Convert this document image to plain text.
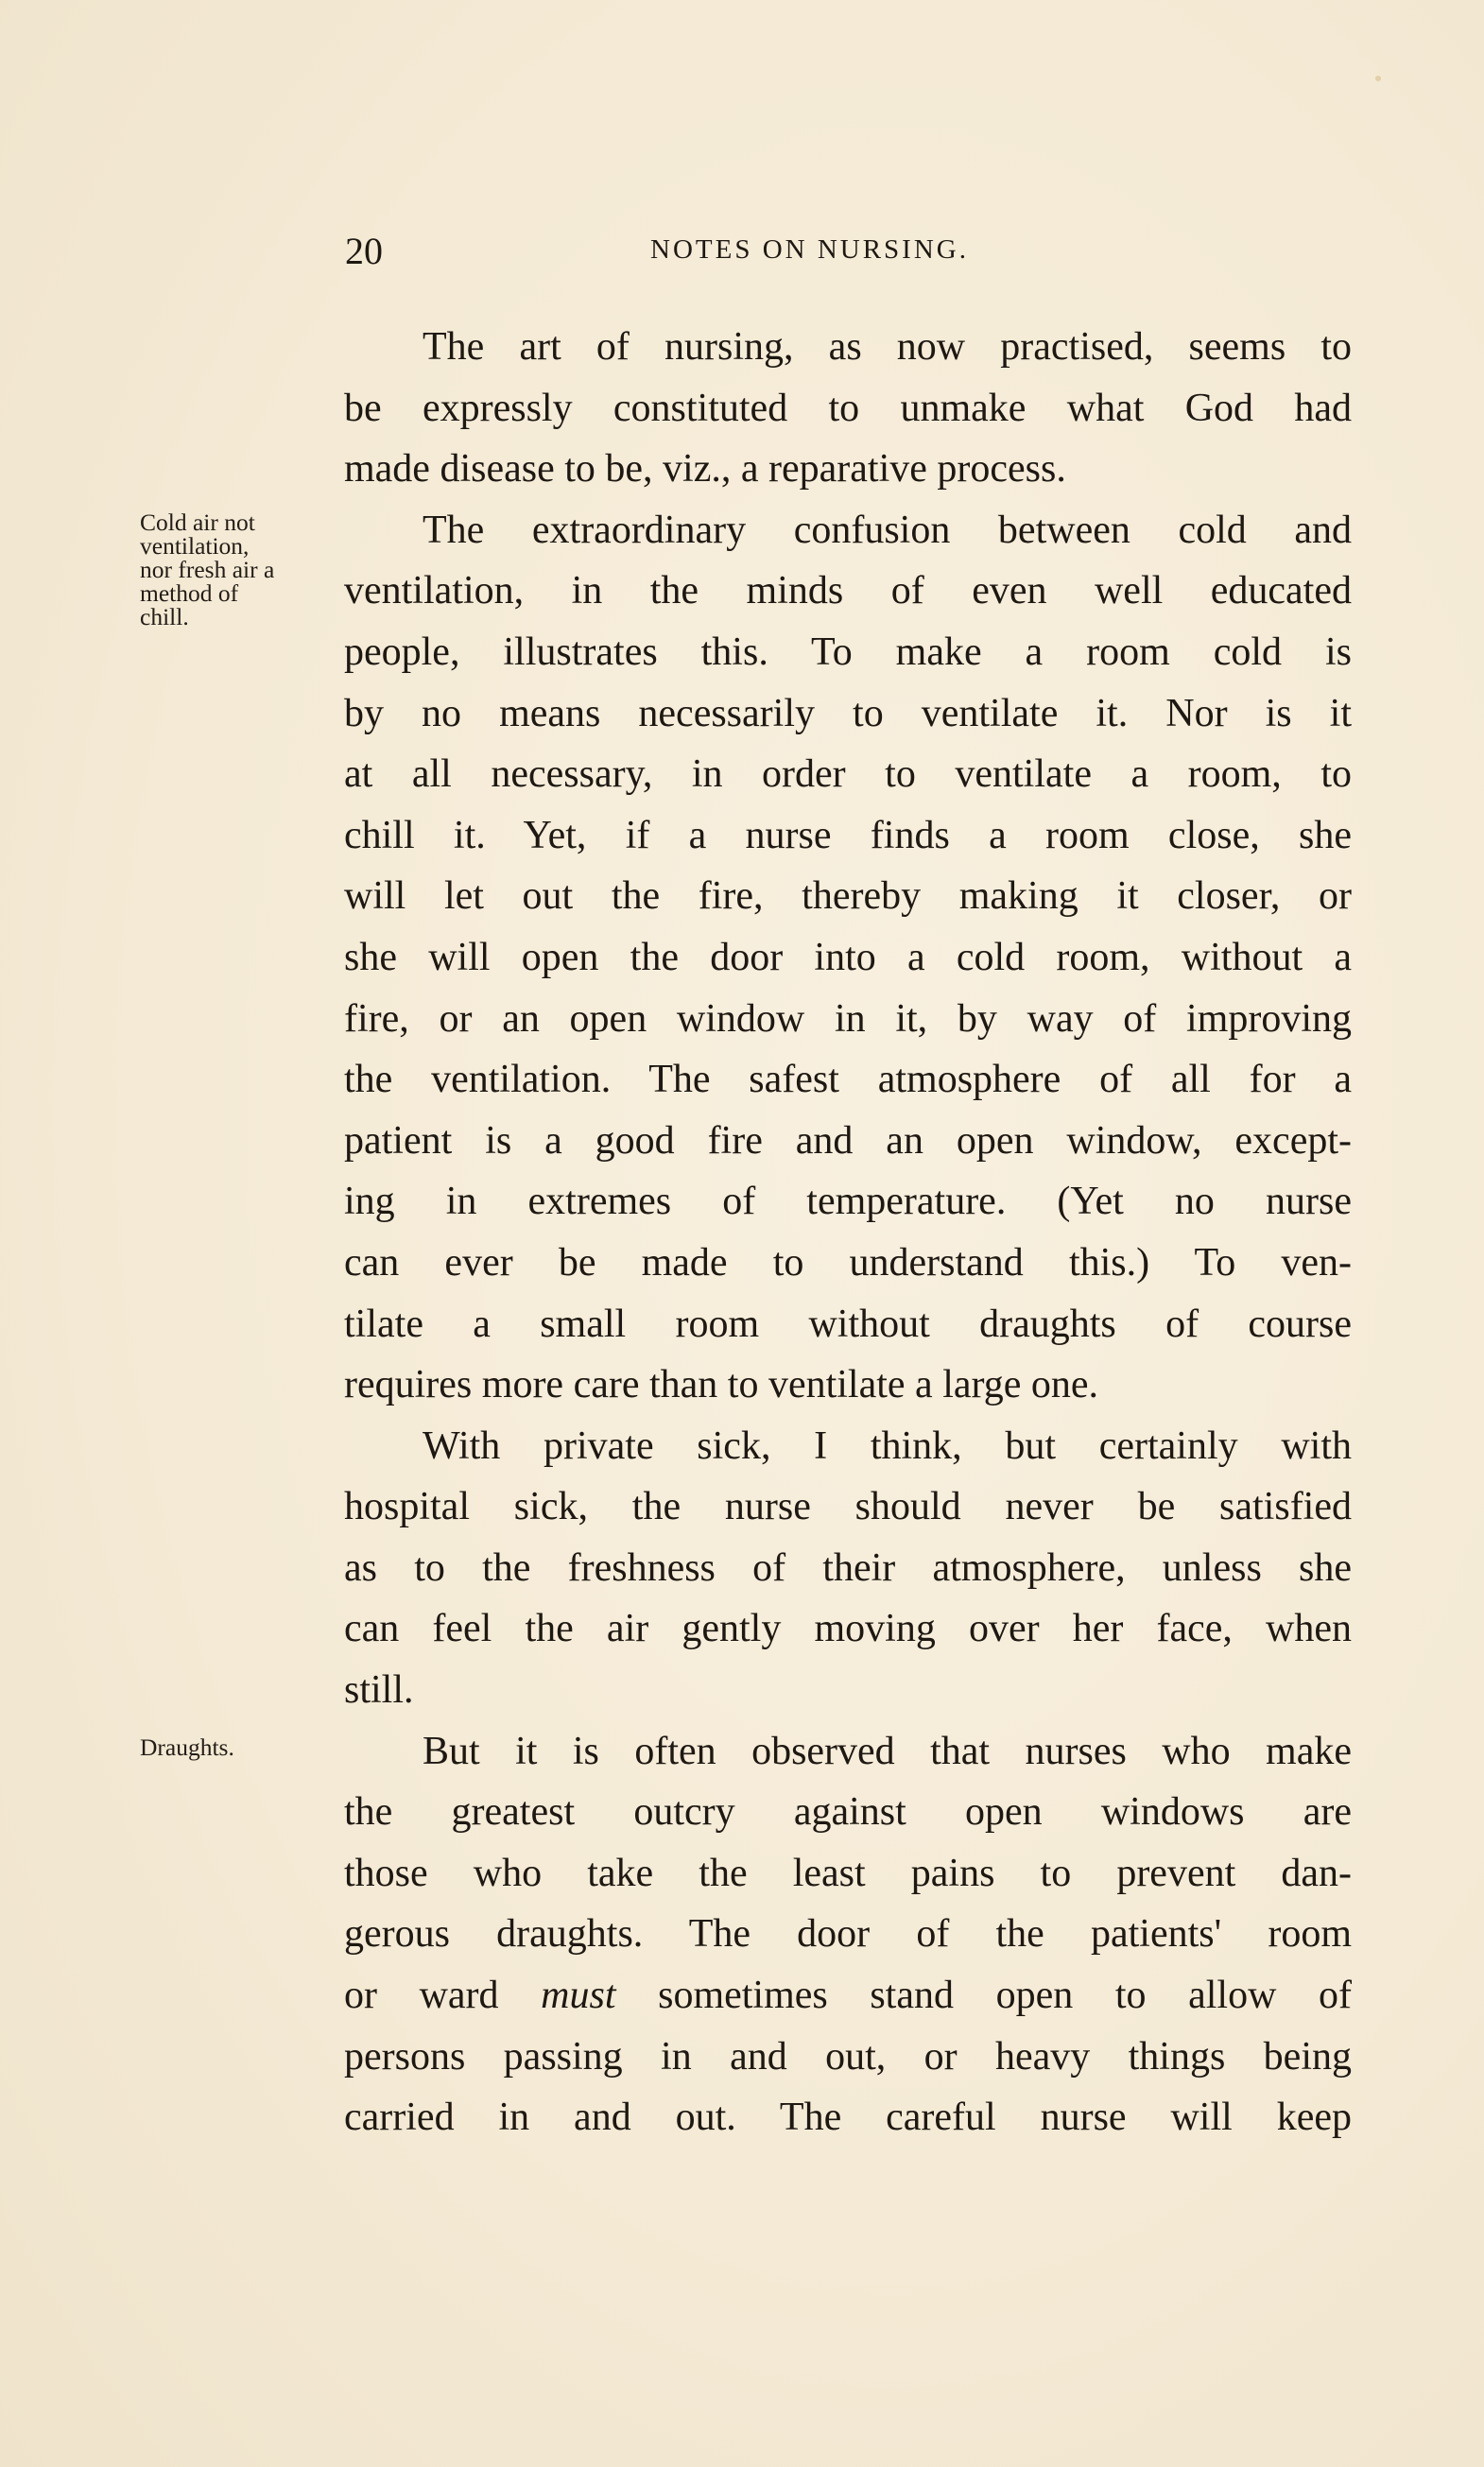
20	NOTES ON NURSING.
Cold air not
ventilation,
nor fresh air a
method of
chill.
Draughts.
The art of nursing, as now practised, seems to
be expressly constituted to unmake what God had
made disease to be, viz., a reparative process.
The extraordinary confusion between cold and
ventilation, in the minds of even well educated
people, illustrates this. To make a room cold is
by no means necessarily to ventilate it. Nor is it
at all necessary, in order to ventilate a room, to
chill it. Yet, if a nurse finds a room close, she
will let out the fire, thereby making it closer, or
she will open the door into a cold room, without a
fire, or an open window in it, by way of improving
the ventilation. The safest atmosphere of all for a
patient is a good fire and an open window, except-
ing in extremes of temperature. (Yet no nurse
can ever be made to understand this.) To ven-
tilate a small room without draughts of course
requires more care than to ventilate a large one.
With private sick, I think, but certainly with
hospital sick, the nurse should never be satisfied
as to the freshness of their atmosphere, unless she
can feel the air gently moving over her face, when
still.
But it is often observed that nurses who make
the greatest outcry against open windows are
those who take the least pains to prevent dan-
gerous draughts. The door of the patients' room
or ward must sometimes stand open to allow of
persons passing in and out, or heavy things being
carried in and out. The careful nurse will keep
